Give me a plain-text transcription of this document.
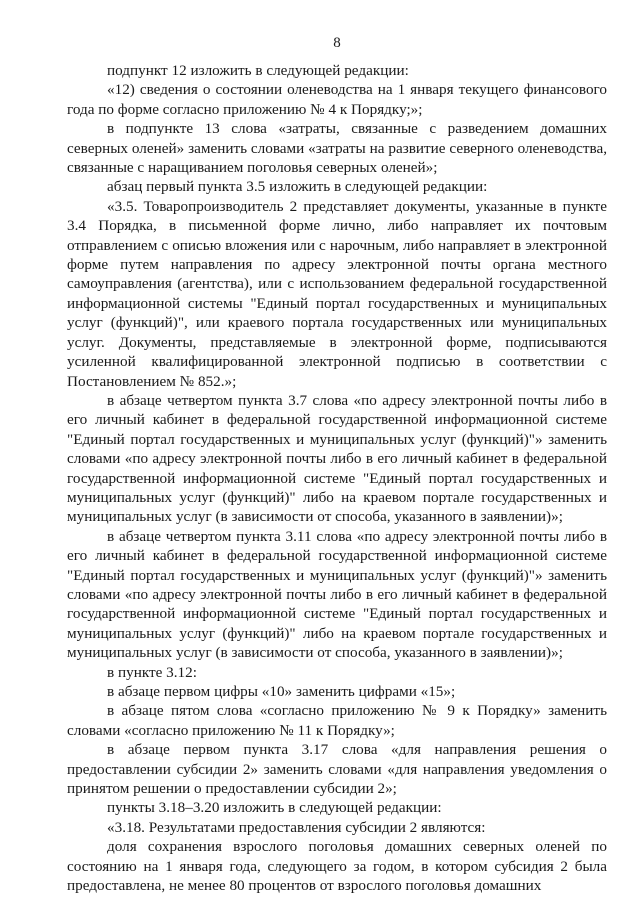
8

подпункт 12 изложить в следующей редакции:

«12) сведения о состоянии оленеводства на 1 января текущего финансового года по форме согласно приложению № 4 к Порядку;»;

в подпункте 13 слова «затраты, связанные с разведением домашних северных оленей» заменить словами «затраты на развитие северного оленеводства, связанные с наращиванием поголовья северных оленей»;

абзац первый пункта 3.5 изложить в следующей редакции:

«3.5. Товаропроизводитель 2 представляет документы, указанные в пункте 3.4 Порядка, в письменной форме лично, либо направляет их почтовым отправлением с описью вложения или с нарочным, либо направляет в электронной форме путем направления по адресу электронной почты органа местного самоуправления (агентства), или с использованием федеральной государственной информационной системы "Единый портал государственных и муниципальных услуг (функций)", или краевого портала государственных или муниципальных услуг. Документы, представляемые в электронной форме, подписываются усиленной квалифицированной электронной подписью в соответствии с Постановлением № 852.»;

в абзаце четвертом пункта 3.7 слова «по адресу электронной почты либо в его личный кабинет в федеральной государственной информационной системе "Единый портал государственных и муниципальных услуг (функций)"» заменить словами «по адресу электронной почты либо в его личный кабинет в федеральной государственной информационной системе "Единый портал государственных и муниципальных услуг (функций)" либо на краевом портале государственных и муниципальных услуг (в зависимости от способа, указанного в заявлении)»;

в абзаце четвертом пункта 3.11 слова «по адресу электронной почты либо в его личный кабинет в федеральной государственной информационной системе "Единый портал государственных и муниципальных услуг (функций)"» заменить словами «по адресу электронной почты либо в его личный кабинет в федеральной государственной информационной системе "Единый портал государственных и муниципальных услуг (функций)" либо на краевом портале государственных и муниципальных услуг (в зависимости от способа, указанного в заявлении)»;

в пункте 3.12:

в абзаце первом цифры «10» заменить цифрами «15»;

в абзаце пятом слова «согласно приложению № 9 к Порядку» заменить словами «согласно приложению № 11 к Порядку»;

в абзаце первом пункта 3.17 слова «для направления решения о предоставлении субсидии 2» заменить словами «для направления уведомления о принятом решении о предоставлении субсидии 2»;

пункты 3.18–3.20 изложить в следующей редакции:

«3.18. Результатами предоставления субсидии 2 являются:

доля сохранения взрослого поголовья домашних северных оленей по состоянию на 1 января года, следующего за годом, в котором субсидия 2 была предоставлена, не менее 80 процентов от взрослого поголовья домашних
